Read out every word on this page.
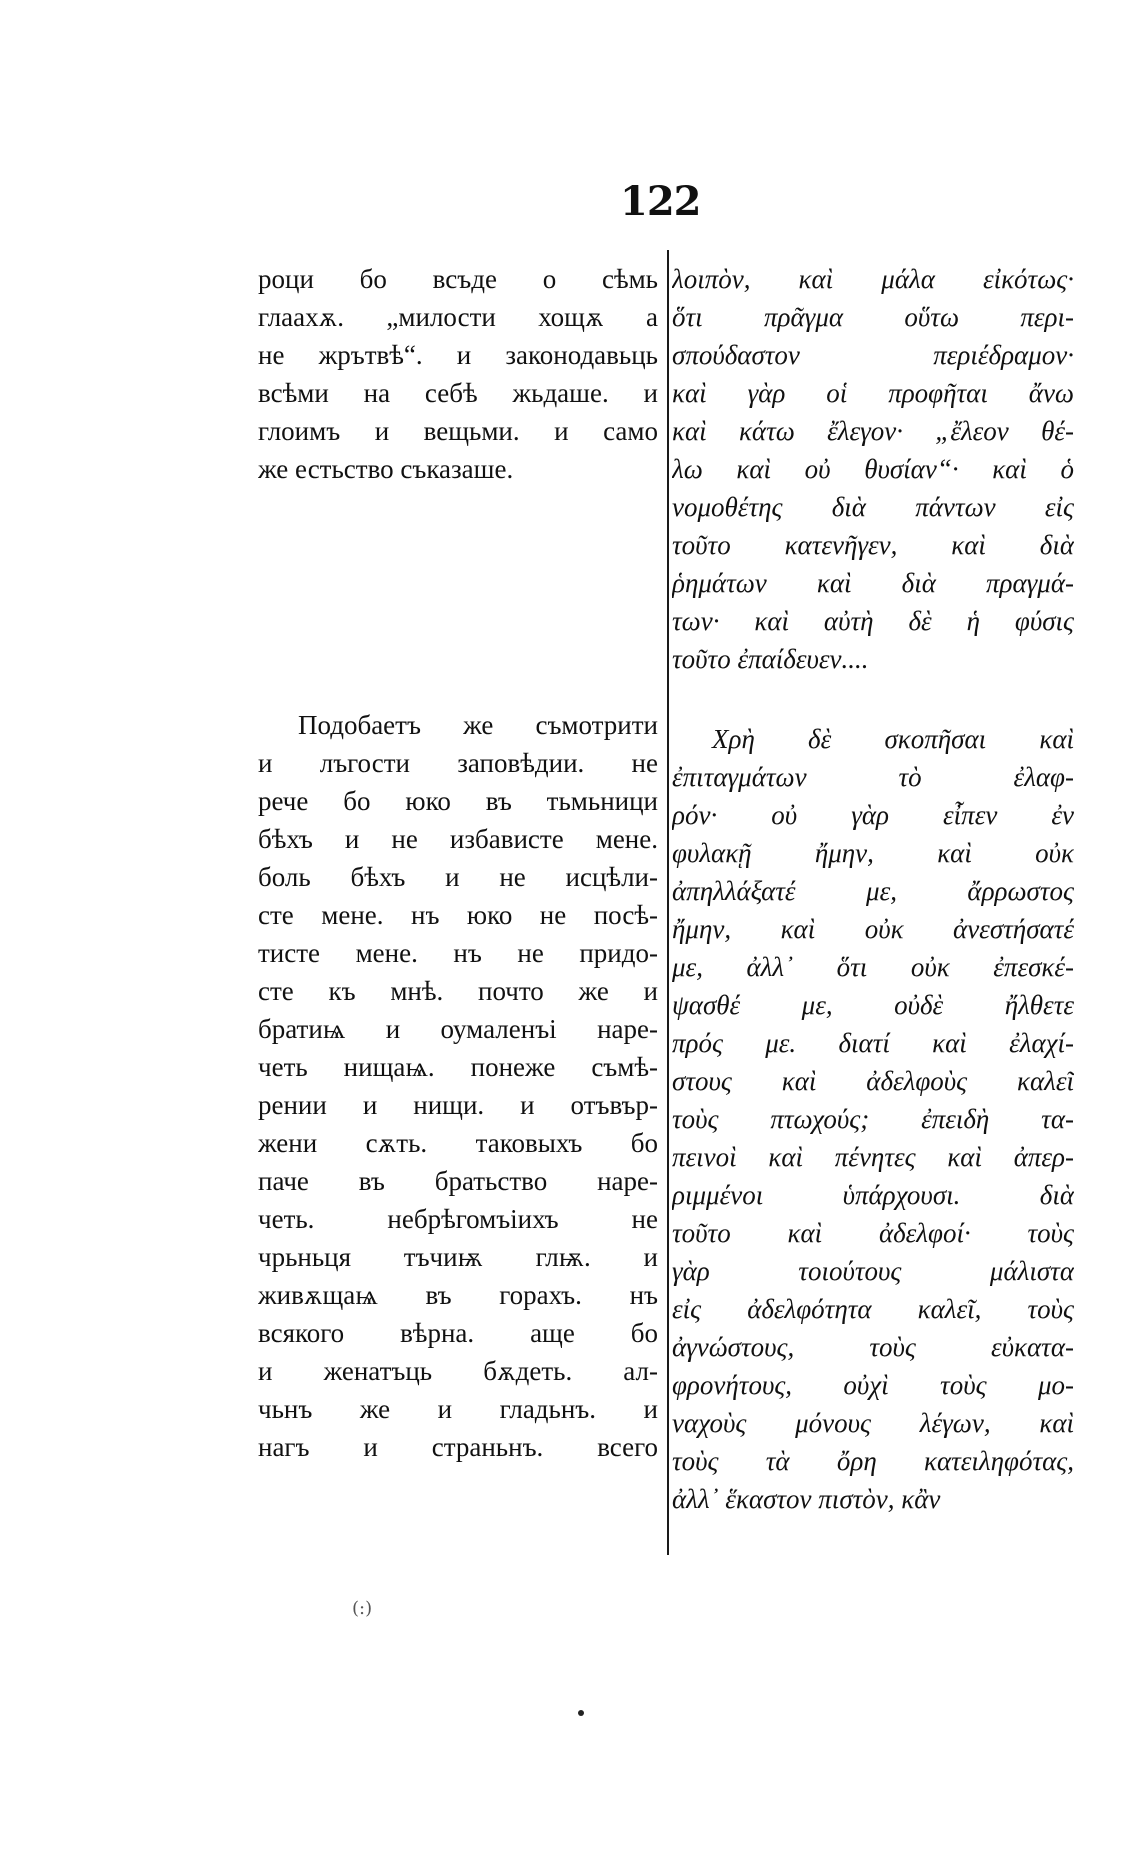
122
роци бо всъде о сѣмь
глаахѫ. „милости хощѫ а
не жрътвѣ“. и законодавьць
всѣми на себѣ жьдаше. и
глоимъ и вещьми. и само
же естьство съказаше.
Подобаетъ же съмотрити
и лъгости заповѣдии. не
рече бо юко въ тьмьници
бѣхъ и не избависте мене.
боль бѣхъ и не исцѣли-
сте мене. нъ юко не посѣ-
тисте мене. нъ не придо-
сте къ мнѣ. почто же и
братиѩ и оумаленъі наре-
четь нищаѩ. понеже съмѣ-
рении и нищи. и отъвър-
жени сѫть. таковыхъ бо
паче въ братьство наре-
четь. небрѣгомъіихъ не
чрьньця тъчиѭ глѭ. и
живѫщаѩ въ горахъ. нъ
всякого вѣрна. аще бо
и женатъць бѫдеть. ал-
чьнъ же и гладьнъ. и
нагъ и страньнъ. всего
λοιπὸν, καὶ μάλα εἰκότως·
ὅτι πρᾶγμα οὕτω περι-
σπούδαστον περιέδραμον·
καὶ γὰρ οἱ προφῆται ἄνω
καὶ κάτω ἔλεγον· „ἔλεον θέ-
λω καὶ οὐ θυσίαν“· καὶ ὁ
νομοθέτης διὰ πάντων εἰς
τοῦτο κατενῆγεν, καὶ διὰ
ῥημάτων καὶ διὰ πραγμά-
των· καὶ αὐτὴ δὲ ἡ φύσις
τοῦτο ἐπαίδευεν....
Χρὴ δὲ σκοπῆσαι καὶ
ἐπιταγμάτων τὸ ἐλαφ-
ρόν· οὐ γὰρ εἶπεν ἐν
φυλακῇ ἤμην, καὶ οὐκ
ἀπηλλάξατέ με, ἄρρωστος
ἤμην, καὶ οὐκ ἀνεστήσατέ
με, ἀλλ᾽ ὅτι οὐκ ἐπεσκέ-
ψασθέ με, οὐδὲ ἤλθετε
πρός με. διατί καὶ ἐλαχί-
στους καὶ ἀδελφοὺς καλεῖ
τοὺς πτωχούς; ἐπειδὴ τα-
πεινοὶ καὶ πένητες καὶ ἀπερ-
ριμμένοι ὑπάρχουσι. διὰ
τοῦτο καὶ ἀδελφοί· τοὺς
γὰρ τοιούτους μάλιστα
εἰς ἀδελφότητα καλεῖ, τοὺς
ἀγνώστους, τοὺς εὐκατα-
φρονήτους, οὐχὶ τοὺς μο-
ναχοὺς μόνους λέγων, καὶ
τοὺς τὰ ὄρη κατειληφότας,
ἀλλ᾽ ἕκαστον πιστὸν, κἂν
(:)
